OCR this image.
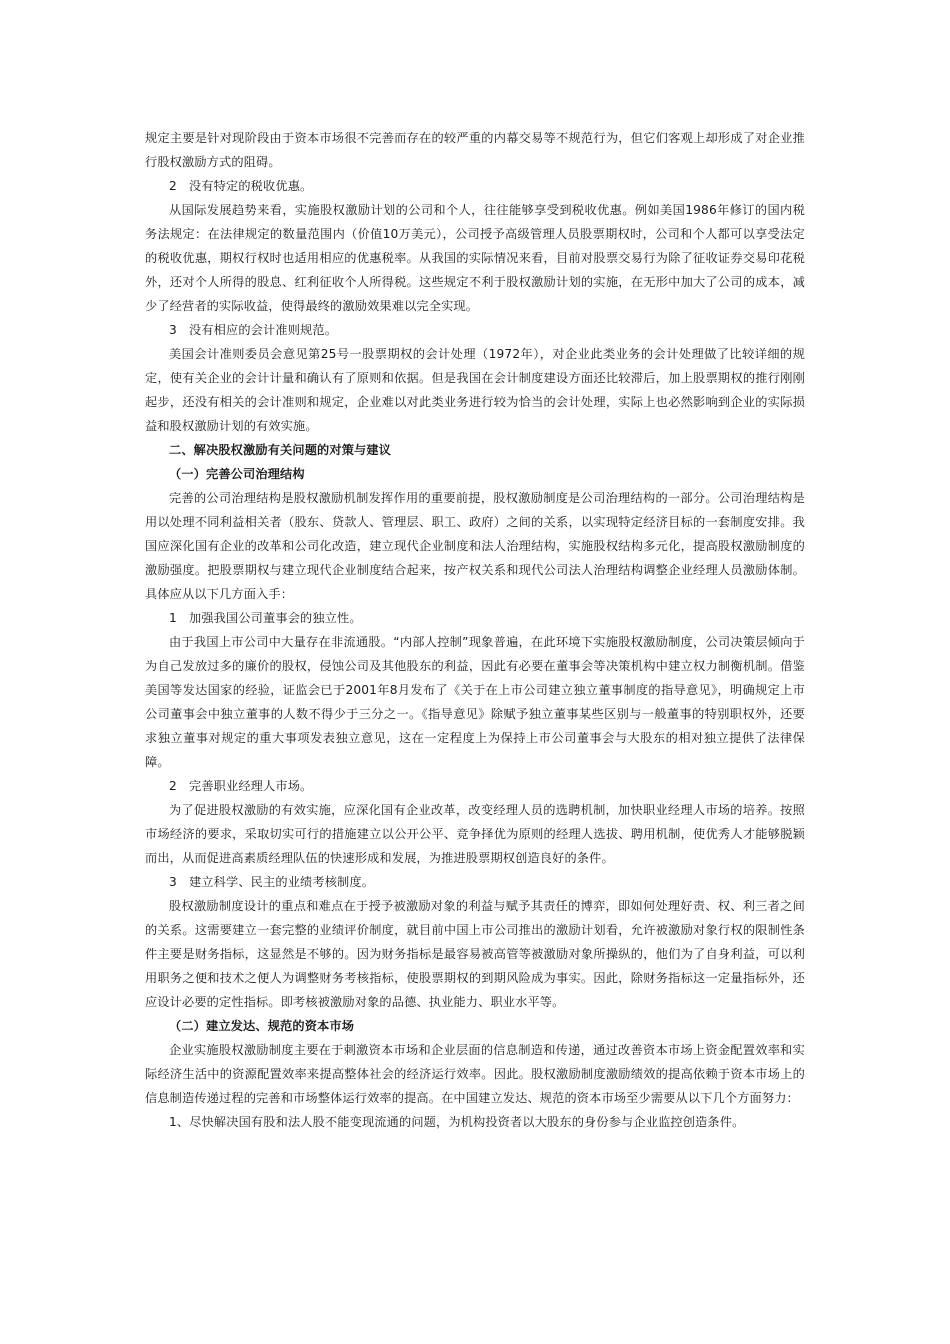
规定主要是针对现阶段由于资本市场很不完善而存在的较严重的内幕交易等不规范行为，但它们客观上却形成了对企业推行股权激励方式的阻碍。

2 没有特定的税收优惠。

从国际发展趋势来看，实施股权激励计划的公司和个人，往往能够享受到税收优惠。例如美国1986年修订的国内税务法规定：在法律规定的数量范围内（价值10万美元），公司授予高级管理人员股票期权时，公司和个人都可以享受法定的税收优惠，期权行权时也适用相应的优惠税率。从我国的实际情况来看，目前对股票交易行为除了征收证券交易印花税外，还对个人所得的股息、红利征收个人所得税。这些规定不利于股权激励计划的实施，在无形中加大了公司的成本，减少了经营者的实际收益，使得最终的激励效果难以完全实现。

3 没有相应的会计准则规范。

美国会计准则委员会意见第25号一股票期权的会计处理（1972年），对企业此类业务的会计处理做了比较详细的规定，使有关企业的会计计量和确认有了原则和依据。但是我国在会计制度建设方面还比较滞后，加上股票期权的推行刚刚起步，还没有相关的会计准则和规定，企业难以对此类业务进行较为恰当的会计处理，实际上也必然影响到企业的实际损益和股权激励计划的有效实施。

二、解决股权激励有关问题的对策与建议

（一）完善公司治理结构

完善的公司治理结构是股权激励机制发挥作用的重要前提，股权激励制度是公司治理结构的一部分。公司治理结构是用以处理不同利益相关者（股东、贷款人、管理层、职工、政府）之间的关系，以实现特定经济目标的一套制度安排。我国应深化国有企业的改革和公司化改造，建立现代企业制度和法人治理结构，实施股权结构多元化，提高股权激励制度的激励强度。把股票期权与建立现代企业制度结合起来，按产权关系和现代公司法人治理结构调整企业经理人员激励体制。具体应从以下几方面入手：

1 加强我国公司董事会的独立性。

由于我国上市公司中大量存在非流通股。“内部人控制”现象普遍，在此环境下实施股权激励制度，公司决策层倾向于为自己发放过多的廉价的股权，侵蚀公司及其他股东的利益，因此有必要在董事会等决策机构中建立权力制衡机制。借鉴美国等发达国家的经验，证监会已于2001年8月发布了《关于在上市公司建立独立董事制度的指导意见》，明确规定上市公司董事会中独立董事的人数不得少于三分之一。《指导意见》除赋予独立董事某些区别与一般董事的特别职权外，还要求独立董事对规定的重大事项发表独立意见，这在一定程度上为保持上市公司董事会与大股东的相对独立提供了法律保障。

2 完善职业经理人市场。

为了促进股权激励的有效实施，应深化国有企业改革，改变经理人员的选聘机制，加快职业经理人市场的培养。按照市场经济的要求，采取切实可行的措施建立以公开公平、竞争择优为原则的经理人选拔、聘用机制，使优秀人才能够脱颖而出，从而促进高素质经理队伍的快速形成和发展，为推进股票期权创造良好的条件。

3 建立科学、民主的业绩考核制度。

股权激励制度设计的重点和难点在于授予被激励对象的利益与赋予其责任的博弈，即如何处理好责、权、利三者之间的关系。这需要建立一套完整的业绩评价制度，就目前中国上市公司推出的激励计划看，允许被激励对象行权的限制性条件主要是财务指标，这显然是不够的。因为财务指标是最容易被高管等被激励对象所操纵的，他们为了自身利益，可以利用职务之便和技术之便人为调整财务考核指标，使股票期权的到期风险成为事实。因此，除财务指标这一定量指标外，还应设计必要的定性指标。即考核被激励对象的品德、执业能力、职业水平等。

（二）建立发达、规范的资本市场

企业实施股权激励制度主要在于刺激资本市场和企业层面的信息制造和传递，通过改善资本市场上资金配置效率和实际经济生活中的资源配置效率来提高整体社会的经济运行效率。因此。股权激励制度激励绩效的提高依赖于资本市场上的信息制造传递过程的完善和市场整体运行效率的提高。在中国建立发达、规范的资本市场至少需要从以下几个方面努力：

1、尽快解决国有股和法人股不能变现流通的问题，为机构投资者以大股东的身份参与企业监控创造条件。
